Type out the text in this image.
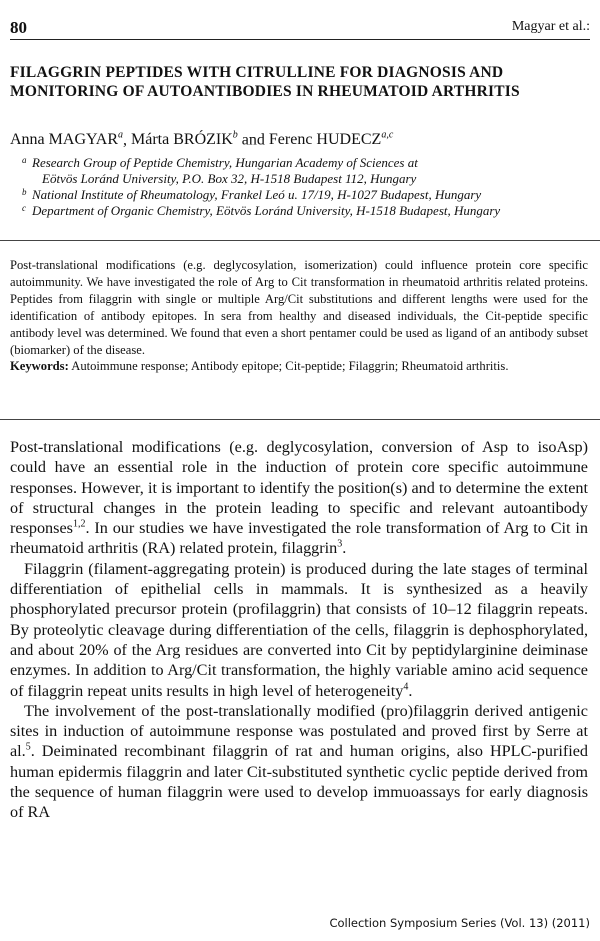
80	Magyar et al.:
FILAGGRIN PEPTIDES WITH CITRULLINE FOR DIAGNOSIS AND MONITORING OF AUTOANTIBODIES IN RHEUMATOID ARTHRITIS
Anna MAGYAR$^a$, Márta BRÓZIK$^b$ and Ferenc HUDECZ$^{a,c}$
a Research Group of Peptide Chemistry, Hungarian Academy of Sciences at
Eötvös Loránd University, P.O. Box 32, H-1518 Budapest 112, Hungary
b National Institute of Rheumatology, Frankel Leó u. 17/19, H-1027 Budapest, Hungary
c Department of Organic Chemistry, Eötvös Loránd University, H-1518 Budapest, Hungary
Post-translational modifications (e.g. deglycosylation, isomerization) could influence protein core specific autoimmunity. We have investigated the role of Arg to Cit transformation in rheumatoid arthritis related proteins. Peptides from filaggrin with single or multiple Arg/Cit substitutions and different lengths were used for the identification of antibody epitopes. In sera from healthy and diseased individuals, the Cit-peptide specific antibody level was determined. We found that even a short pentamer could be used as ligand of an antibody subset (biomarker) of the disease.
Keywords: Autoimmune response; Antibody epitope; Cit-peptide; Filaggrin; Rheumatoid arthritis.

Post-translational modifications (e.g. deglycosylation, conversion of Asp to isoAsp) could have an essential role in the induction of protein core specific autoimmune responses. However, it is important to identify the position(s) and to determine the extent of structural changes in the protein leading to specific and relevant autoantibody responses$^{1,2}$. In our studies we have investigated the role transformation of Arg to Cit in rheumatoid arthritis (RA) related protein, filaggrin$^3$.

Filaggrin (filament-aggregating protein) is produced during the late stages of terminal differentiation of epithelial cells in mammals. It is synthesized as a heavily phosphorylated precursor protein (profilaggrin) that consists of 10–12 filaggrin repeats. By proteolytic cleavage during differentiation of the cells, filaggrin is dephosphorylated, and about 20% of the Arg residues are converted into Cit by peptidylarginine deiminase enzymes. In addition to Arg/Cit transformation, the highly variable amino acid sequence of filaggrin repeat units results in high level of heterogeneity$^4$.

The involvement of the post-translationally modified (pro)filaggrin derived antigenic sites in induction of autoimmune response was postulated and proved first by Serre at al.$^5$. Deiminated recombinant filaggrin of rat and human origins, also HPLC-purified human epidermis filaggrin and later Cit-substituted synthetic cyclic peptide derived from the sequence of human filaggrin were used to develop immuoassays for early diagnosis of RA

Collection Symposium Series (Vol. 13) (2011)
